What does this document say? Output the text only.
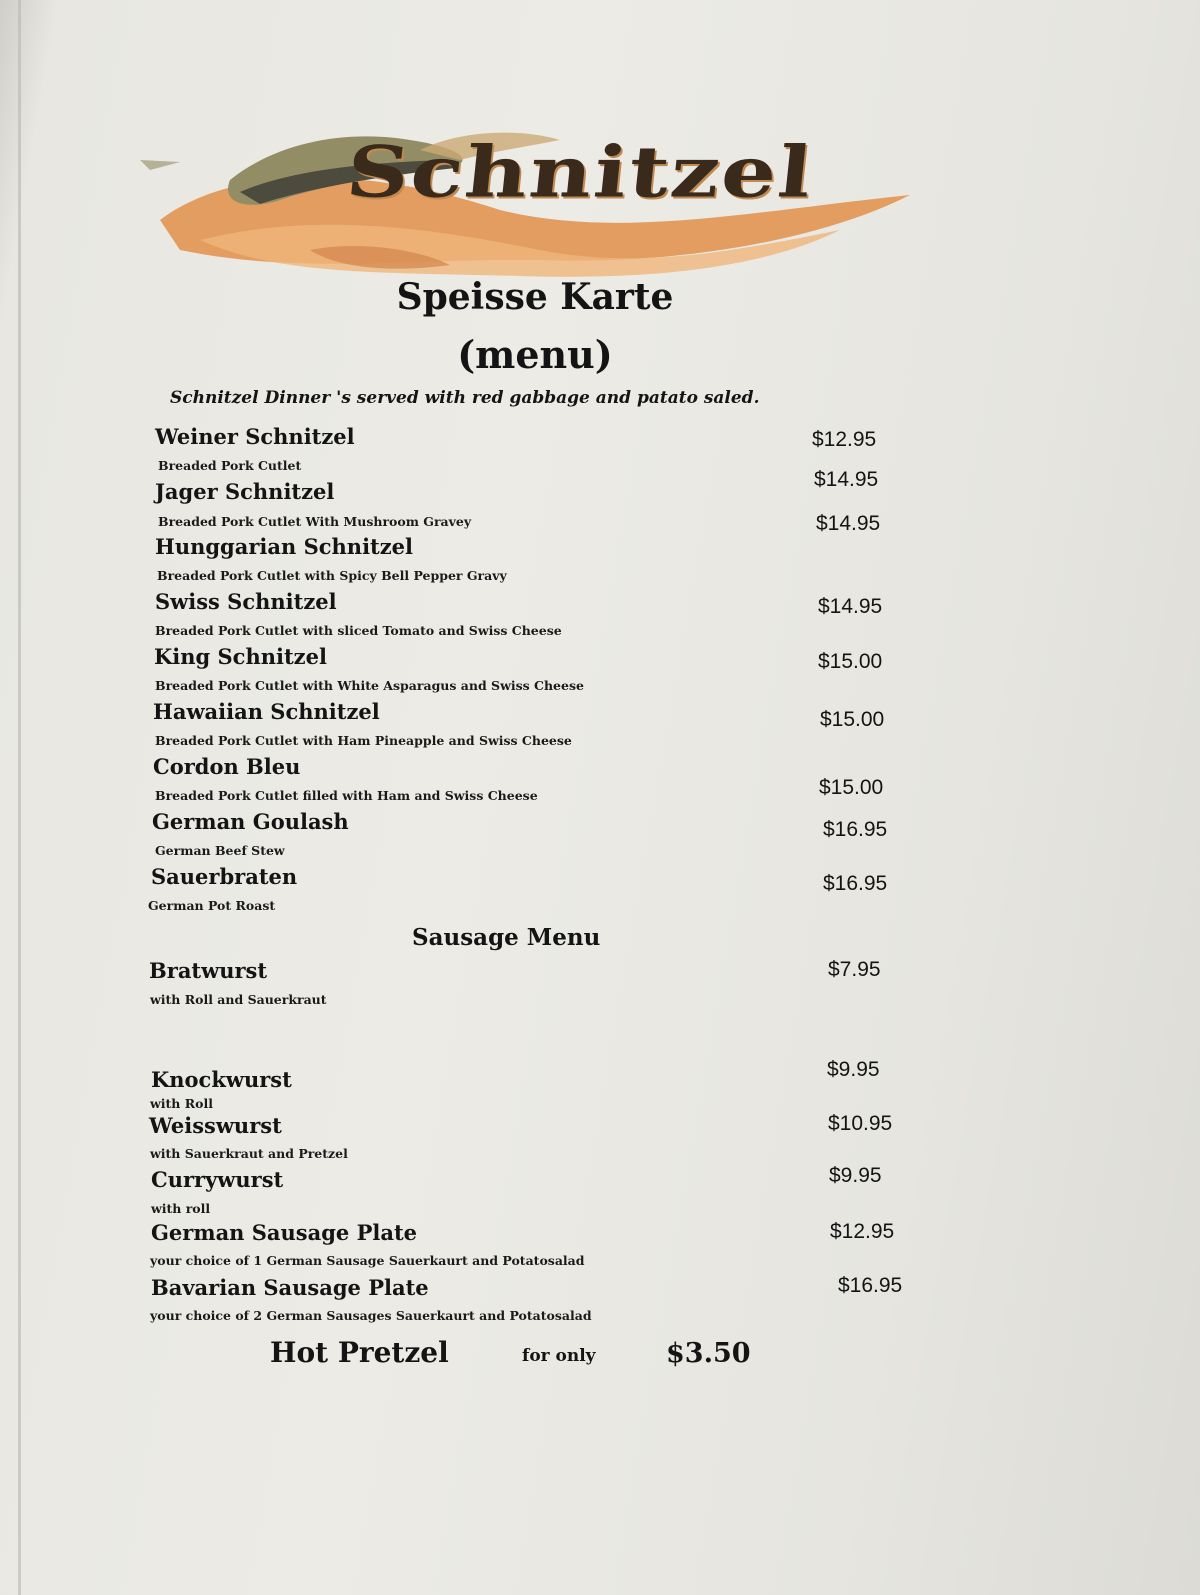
Schnitzel
Speisse Karte
(menu)
Schnitzel Dinner 's served with red gabbage and patato saled.
Weiner Schnitzel
Breaded Pork Cutlet
Jager Schnitzel
Breaded Pork Cutlet With Mushroom Gravey
Hunggarian Schnitzel
Breaded Pork Cutlet with Spicy Bell Pepper Gravy
Swiss Schnitzel
Breaded Pork Cutlet with sliced Tomato and Swiss Cheese
King Schnitzel
Breaded Pork Cutlet with White Asparagus and Swiss Cheese
Hawaiian Schnitzel
Breaded Pork Cutlet with Ham Pineapple and Swiss Cheese
Cordon Bleu
Breaded Pork Cutlet filled with Ham and Swiss Cheese
German Goulash
German Beef Stew
Sauerbraten
German Pot Roast
$12.95
$14.95
$14.95
$14.95
$15.00
$15.00
$15.00
$16.95
$16.95
Sausage Menu
Bratwurst
with Roll and Sauerkraut
$7.95
Knockwurst
with Roll
$9.95
Weisswurst
with Sauerkraut and Pretzel
$10.95
Currywurst
with roll
$9.95
German Sausage Plate
your choice of 1 German Sausage Sauerkaurt and Potatosalad
$12.95
Bavarian Sausage Plate
your choice of 2 German Sausages Sauerkaurt and Potatosalad
$16.95
Hot Pretzel	for only	$3.50
